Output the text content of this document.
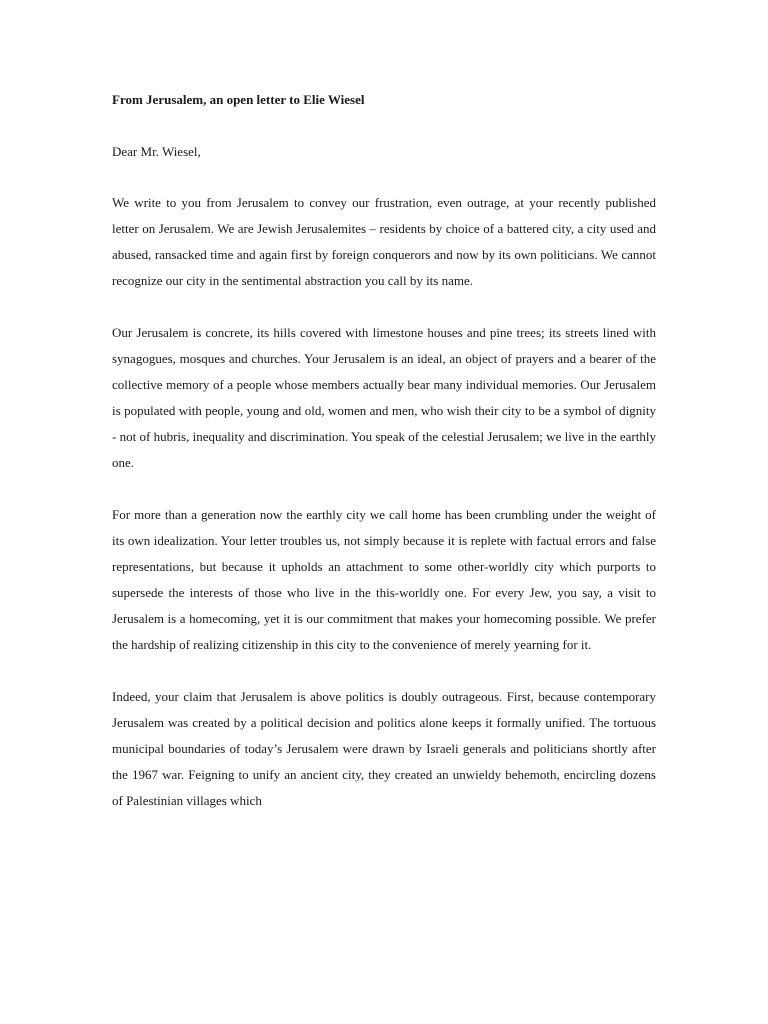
From Jerusalem, an open letter to Elie Wiesel

Dear Mr. Wiesel,

We write to you from Jerusalem to convey our frustration, even outrage, at your recently published letter on Jerusalem. We are Jewish Jerusalemites – residents by choice of a battered city, a city used and abused, ransacked time and again first by foreign conquerors and now by its own politicians. We cannot recognize our city in the sentimental abstraction you call by its name.

Our Jerusalem is concrete, its hills covered with limestone houses and pine trees; its streets lined with synagogues, mosques and churches. Your Jerusalem is an ideal, an object of prayers and a bearer of the collective memory of a people whose members actually bear many individual memories. Our Jerusalem is populated with people, young and old, women and men, who wish their city to be a symbol of dignity - not of hubris, inequality and discrimination. You speak of the celestial Jerusalem; we live in the earthly one.

For more than a generation now the earthly city we call home has been crumbling under the weight of its own idealization. Your letter troubles us, not simply because it is replete with factual errors and false representations, but because it upholds an attachment to some other-worldly city which purports to supersede the interests of those who live in the this-worldly one. For every Jew, you say, a visit to Jerusalem is a homecoming, yet it is our commitment that makes your homecoming possible. We prefer the hardship of realizing citizenship in this city to the convenience of merely yearning for it.

Indeed, your claim that Jerusalem is above politics is doubly outrageous. First, because contemporary Jerusalem was created by a political decision and politics alone keeps it formally unified. The tortuous municipal boundaries of today’s Jerusalem were drawn by Israeli generals and politicians shortly after the 1967 war. Feigning to unify an ancient city, they created an unwieldy behemoth, encircling dozens of Palestinian villages which
